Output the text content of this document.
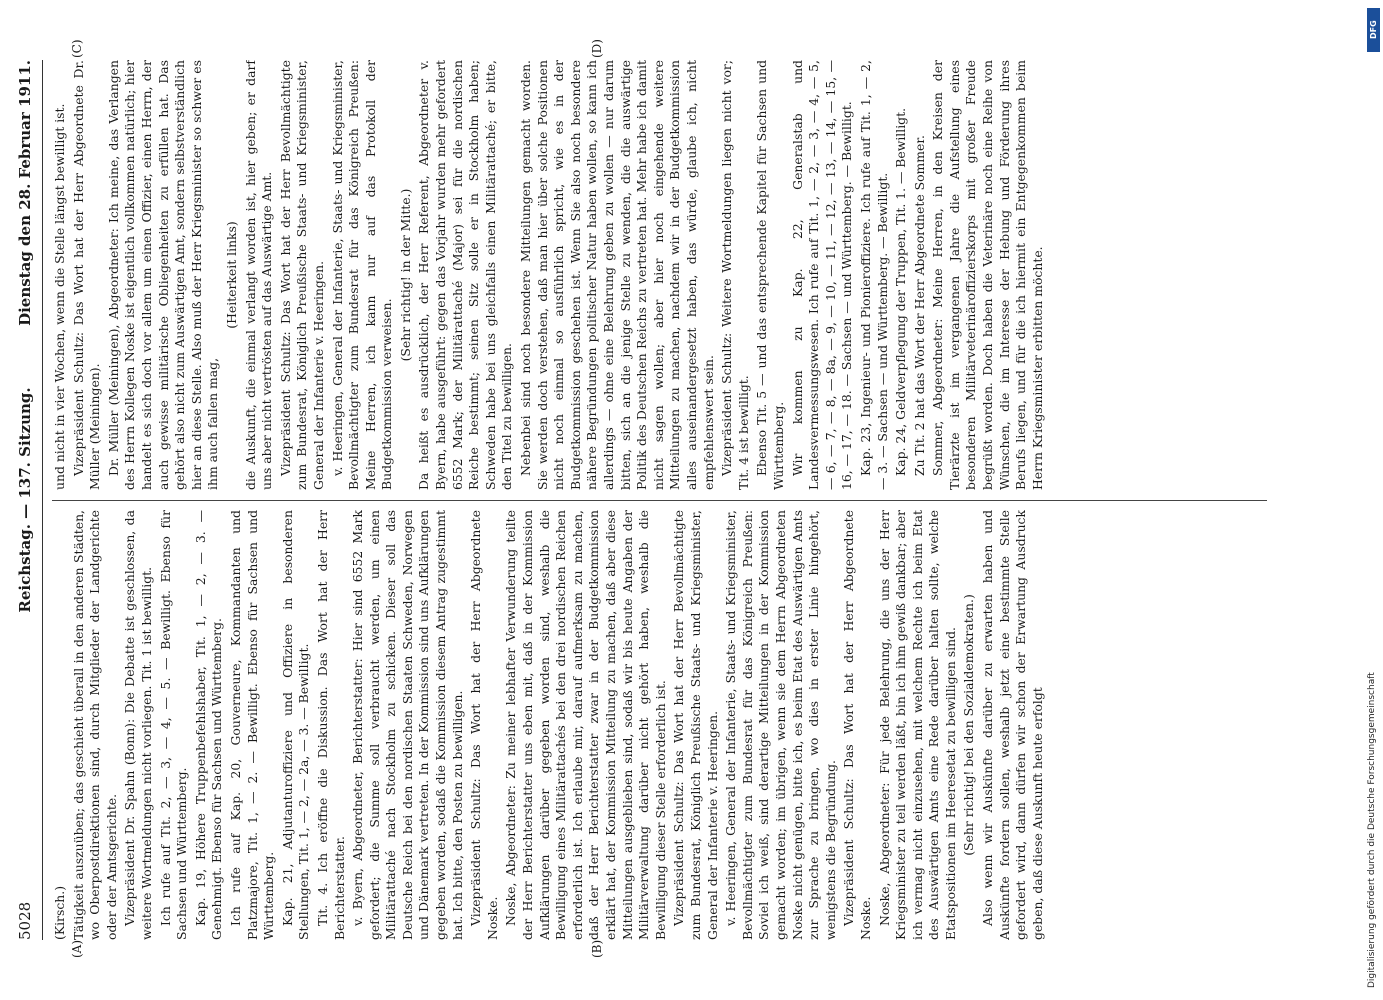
5028
Reichstag. — 137. Sitzung.
Dienstag den 28. Februar 1911.
(A)	(B)
(C)	(D)

(Kirsch.) Tätigkeit auszuüben; das geschieht überall in den anderen Städten, wo Oberpostdirektionen sind, durch Mitglieder der Landgerichte oder der Amtsgerichte. Vizepräsident Dr. Spahn (Bonn): Die Debatte ist geschlossen, da weitere Wortmeldungen nicht vorliegen. Tit. 1 ist bewilligt. Ich rufe auf Tit. 2, — 3, — 4, — 5. — Bewilligt. Ebenso für Sachsen und Württemberg. Kap. 19, Höhere Truppenbefehlshaber, Tit. 1, — 2, — 3. — Genehmigt. Ebenso für Sachsen und Württemberg. Ich rufe auf Kap. 20, Gouverneure, Kommandanten und Platzmajore, Tit. 1, — 2. — Bewilligt. Ebenso für Sachsen und Württemberg. Kap. 21, Adjutanturoffiziere und Offiziere in besonderen Stellungen, Tit. 1, — 2, — 2a, — 3. — Bewilligt. Tit. 4. Ich eröffne die Diskussion. Das Wort hat der Herr Berichterstatter. v. Byern, Abgeordneter, Berichterstatter: Hier sind 6552 Mark gefordert; die Summe soll verbraucht werden, um einen Militärattaché nach Stockholm zu schicken. Dieser soll das Deutsche Reich bei den nordischen Staaten Schweden, Norwegen und Dänemark vertreten. In der Kommission sind uns Aufklärungen gegeben worden, sodaß die Kommission diesem Antrag zugestimmt hat. Ich bitte, den Posten zu bewilligen. Vizepräsident Schultz: Das Wort hat der Herr Abgeordnete Noske. Noske, Abgeordneter: Zu meiner lebhafter Verwunderung teilte der Herr Berichterstatter uns eben mit, daß in der Kommission Aufklärungen darüber gegeben worden sind, weshalb die Bewilligung eines Militärattachés bei den drei nordischen Reichen erforderlich ist. Ich erlaube mir, darauf aufmerksam zu machen, daß der Herr Berichterstatter zwar in der Budgetkommission erklärt hat, der Kommission Mitteilung zu machen, daß aber diese Mitteilungen ausgeblieben sind, sodaß wir bis heute Angaben der Militärverwaltung darüber nicht gehört haben, weshalb die Bewilligung dieser Stelle erforderlich ist. Vizepräsident Schultz: Das Wort hat der Herr Bevollmächtigte zum Bundesrat, Königlich Preußische Staats- und Kriegsminister, General der Infanterie v. Heeringen. v. Heeringen, General der Infanterie, Staats- und Kriegsminister, Bevollmächtigter zum Bundesrat für das Königreich Preußen: Soviel ich weiß, sind derartige Mitteilungen in der Kommission gemacht worden; im übrigen, wenn sie dem Herrn Abgeordneten Noske nicht genügen, bitte ich, es beim Etat des Auswärtigen Amts zur Sprache zu bringen, wo dies in erster Linie hingehört, wenigstens die Begründung. Vizepräsident Schultz: Das Wort hat der Herr Abgeordnete Noske. Noske, Abgeordneter: Für jede Belehrung, die uns der Herr Kriegsminister zu teil werden läßt, bin ich ihm gewiß dankbar; aber ich vermag nicht einzusehen, mit welchem Rechte ich beim Etat des Auswärtigen Amts eine Rede darüber halten sollte, welche Etatspositionen im Heeresetat zu bewilligen sind. (Sehr richtig! bei den Sozialdemokraten.) Also wenn wir Auskünfte darüber zu erwarten haben und Auskünfte fordern sollen, weshalb jetzt eine bestimmte Stelle gefordert wird, dann dürfen wir schon der Erwartung Ausdruck geben, daß diese Auskunft heute erfolgt

und nicht in vier Wochen, wenn die Stelle längst bewilligt ist. Vizepräsident Schultz: Das Wort hat der Herr Abgeordnete Dr. Müller (Meiningen). Dr. Müller (Meiningen), Abgeordneter: Ich meine, das Verlangen des Herrn Kollegen Noske ist eigentlich vollkommen natürlich; hier handelt es sich doch vor allem um einen Offizier, einen Herrn, der auch gewisse militärische Obliegenheiten zu erfüllen hat. Das gehört also nicht zum Auswärtigen Amt, sondern selbstverständlich hier an diese Stelle. Also muß der Herr Kriegsminister so schwer es ihm auch fallen mag,

(Heiterkeit links) die Auskunft, die einmal verlangt worden ist, hier geben; er darf uns aber nicht vertrösten auf das Auswärtige Amt. Vizepräsident Schultz: Das Wort hat der Herr Bevollmächtigte zum Bundesrat, Königlich Preußische Staats- und Kriegsminister, General der Infanterie v. Heeringen. v. Heeringen, General der Infanterie, Staats- und Kriegsminister, Bevollmächtigter zum Bundesrat für das Königreich Preußen: Meine Herren, ich kann nur auf das Protokoll der Budgetkommission verweisen.

(Sehr richtig! in der Mitte.) Da heißt es ausdrücklich, der Herr Referent, Abgeordneter v. Byern, habe ausgeführt: gegen das Vorjahr wurden mehr gefordert 6552 Mark; der Militärattaché (Major) sei für die nordischen Reiche bestimmt; seinen Sitz solle er in Stockholm haben; Schweden habe bei uns gleichfalls einen Militärattaché; er bitte, den Titel zu bewilligen. Nebenbei sind noch besondere Mitteilungen gemacht worden. Sie werden doch verstehen, daß man hier über solche Positionen nicht noch einmal so ausführlich spricht, wie es in der Budgetkommission geschehen ist. Wenn Sie also noch besondere nähere Begründungen politischer Natur haben wollen, so kann ich allerdings — ohne eine Belehrung geben zu wollen — nur darum bitten, sich an die jenige Stelle zu wenden, die die auswärtige Politik des Deutschen Reichs zu vertreten hat. Mehr habe ich damit nicht sagen wollen; aber hier noch eingehende weitere Mitteilungen zu machen, nachdem wir in der Budgetkommission alles auseinandergesetzt haben, das würde, glaube ich, nicht empfehlenswert sein. Vizepräsident Schultz: Weitere Wortmeldungen liegen nicht vor; Tit. 4 ist bewilligt. Ebenso Tit. 5 — und das entsprechende Kapitel für Sachsen und Württemberg. Wir kommen zu Kap. 22, Generalstab und Landesvermessungswesen. Ich rufe auf Tit. 1, — 2, — 3, — 4, — 5, — 6, — 7, — 8, — 8a, — 9, — 10, — 11, — 12, — 13, — 14, — 15, — 16, — 17, — 18. — Sachsen — und Württemberg. — Bewilligt. Kap. 23, Ingenieur- und Pionieroffiziere. Ich rufe auf Tit. 1, — 2, — 3. — Sachsen — und Württemberg. — Bewilligt. Kap. 24, Geldverpflegung der Truppen, Tit. 1. — Bewilligt. Zu Tit. 2 hat das Wort der Herr Abgeordnete Sommer. Sommer, Abgeordneter: Meine Herren, in den Kreisen der Tierärzte ist im vergangenen Jahre die Aufstellung eines besonderen Militärveterinäroffizierskorps mit großer Freude begrüßt worden. Doch haben die Veterinäre noch eine Reihe von Wünschen, die im Interesse der Hebung und Förderung ihres Berufs liegen, und für die ich hiermit ein Entgegenkommen beim Herrn Kriegsminister erbitten möchte.

DFG
Digitalisierung gefördert durch die Deutsche Forschungsgemeinschaft
